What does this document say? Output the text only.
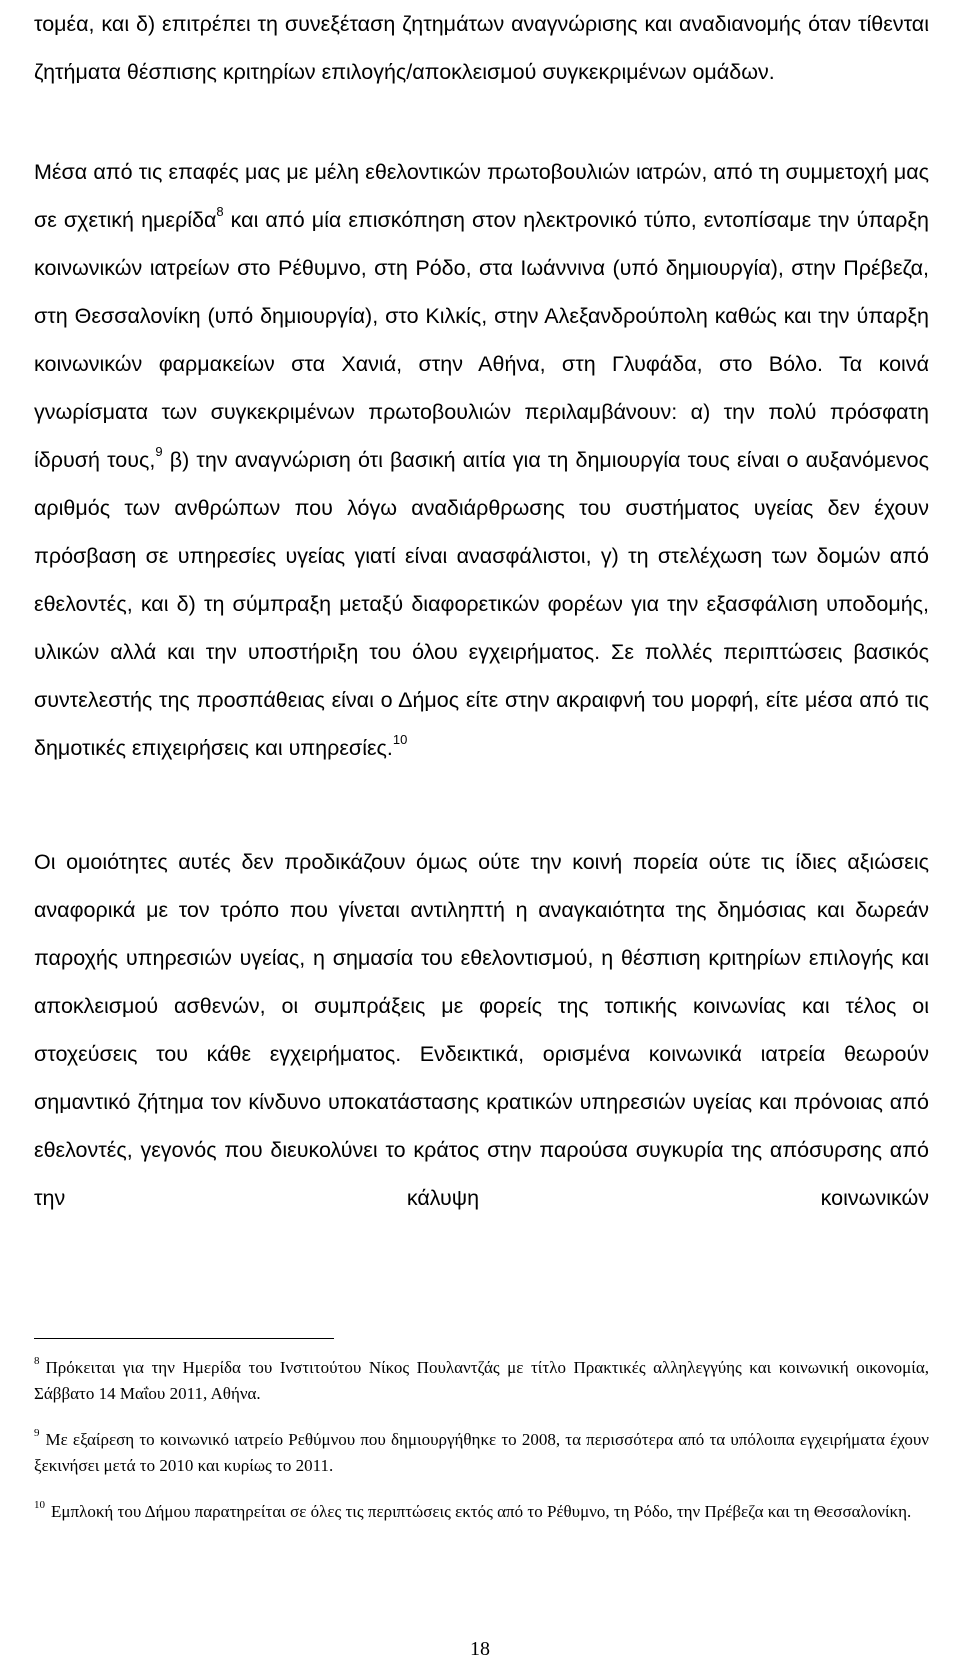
τομέα, και δ) επιτρέπει τη συνεξέταση ζητημάτων αναγνώρισης και αναδιανομής όταν τίθενται ζητήματα θέσπισης κριτηρίων επιλογής/αποκλεισμού συγκεκριμένων ομάδων.
Μέσα από τις επαφές μας με μέλη εθελοντικών πρωτοβουλιών ιατρών, από τη συμμετοχή μας σε σχετική ημερίδα$^8$ και από μία επισκόπηση στον ηλεκτρονικό τύπο, εντοπίσαμε την ύπαρξη κοινωνικών ιατρείων στο Ρέθυμνο, στη Ρόδο, στα Ιωάννινα (υπό δημιουργία), στην Πρέβεζα, στη Θεσσαλονίκη (υπό δημιουργία), στο Κιλκίς, στην Αλεξανδρούπολη καθώς και την ύπαρξη κοινωνικών φαρμακείων στα Χανιά, στην Αθήνα, στη Γλυφάδα, στο Βόλο. Τα κοινά γνωρίσματα των συγκεκριμένων πρωτοβουλιών περιλαμβάνουν: α) την πολύ πρόσφατη ίδρυσή τους,$^9$ β) την αναγνώριση ότι βασική αιτία για τη δημιουργία τους είναι ο αυξανόμενος αριθμός των ανθρώπων που λόγω αναδιάρθρωσης του συστήματος υγείας δεν έχουν πρόσβαση σε υπηρεσίες υγείας γιατί είναι ανασφάλιστοι, γ) τη στελέχωση των δομών από εθελοντές, και δ) τη σύμπραξη μεταξύ διαφορετικών φορέων για την εξασφάλιση υποδομής, υλικών αλλά και την υποστήριξη του όλου εγχειρήματος. Σε πολλές περιπτώσεις βασικός συντελεστής της προσπάθειας είναι ο Δήμος είτε στην ακραιφνή του μορφή, είτε μέσα από τις δημοτικές επιχειρήσεις και υπηρεσίες.$^{10}$
Οι ομοιότητες αυτές δεν προδικάζουν όμως ούτε την κοινή πορεία ούτε τις ίδιες αξιώσεις αναφορικά με τον τρόπο που γίνεται αντιληπτή η αναγκαιότητα της δημόσιας και δωρεάν παροχής υπηρεσιών υγείας, η σημασία του εθελοντισμού, η θέσπιση κριτηρίων επιλογής και αποκλεισμού ασθενών, οι συμπράξεις με φορείς της τοπικής κοινωνίας και τέλος οι στοχεύσεις του κάθε εγχειρήματος. Ενδεικτικά, ορισμένα κοινωνικά ιατρεία θεωρούν σημαντικό ζήτημα τον κίνδυνο υποκατάστασης κρατικών υπηρεσιών υγείας και πρόνοιας από εθελοντές, γεγονός που διευκολύνει το κράτος στην παρούσα συγκυρία της απόσυρσης από την κάλυψη κοινωνικών

$^8$ Πρόκειται για την Ημερίδα του Ινστιτούτου Νίκος Πουλαντζάς με τίτλο Πρακτικές αλληλεγγύης και κοινωνική οικονομία, Σάββατο 14 Μαΐου 2011, Αθήνα.

$^9$ Με εξαίρεση το κοινωνικό ιατρείο Ρεθύμνου που δημιουργήθηκε το 2008, τα περισσότερα από τα υπόλοιπα εγχειρήματα έχουν ξεκινήσει μετά το 2010 και κυρίως το 2011.

$^{10}$ Εμπλοκή του Δήμου παρατηρείται σε όλες τις περιπτώσεις εκτός από το Ρέθυμνο, τη Ρόδο, την Πρέβεζα και τη Θεσσαλονίκη.

18
